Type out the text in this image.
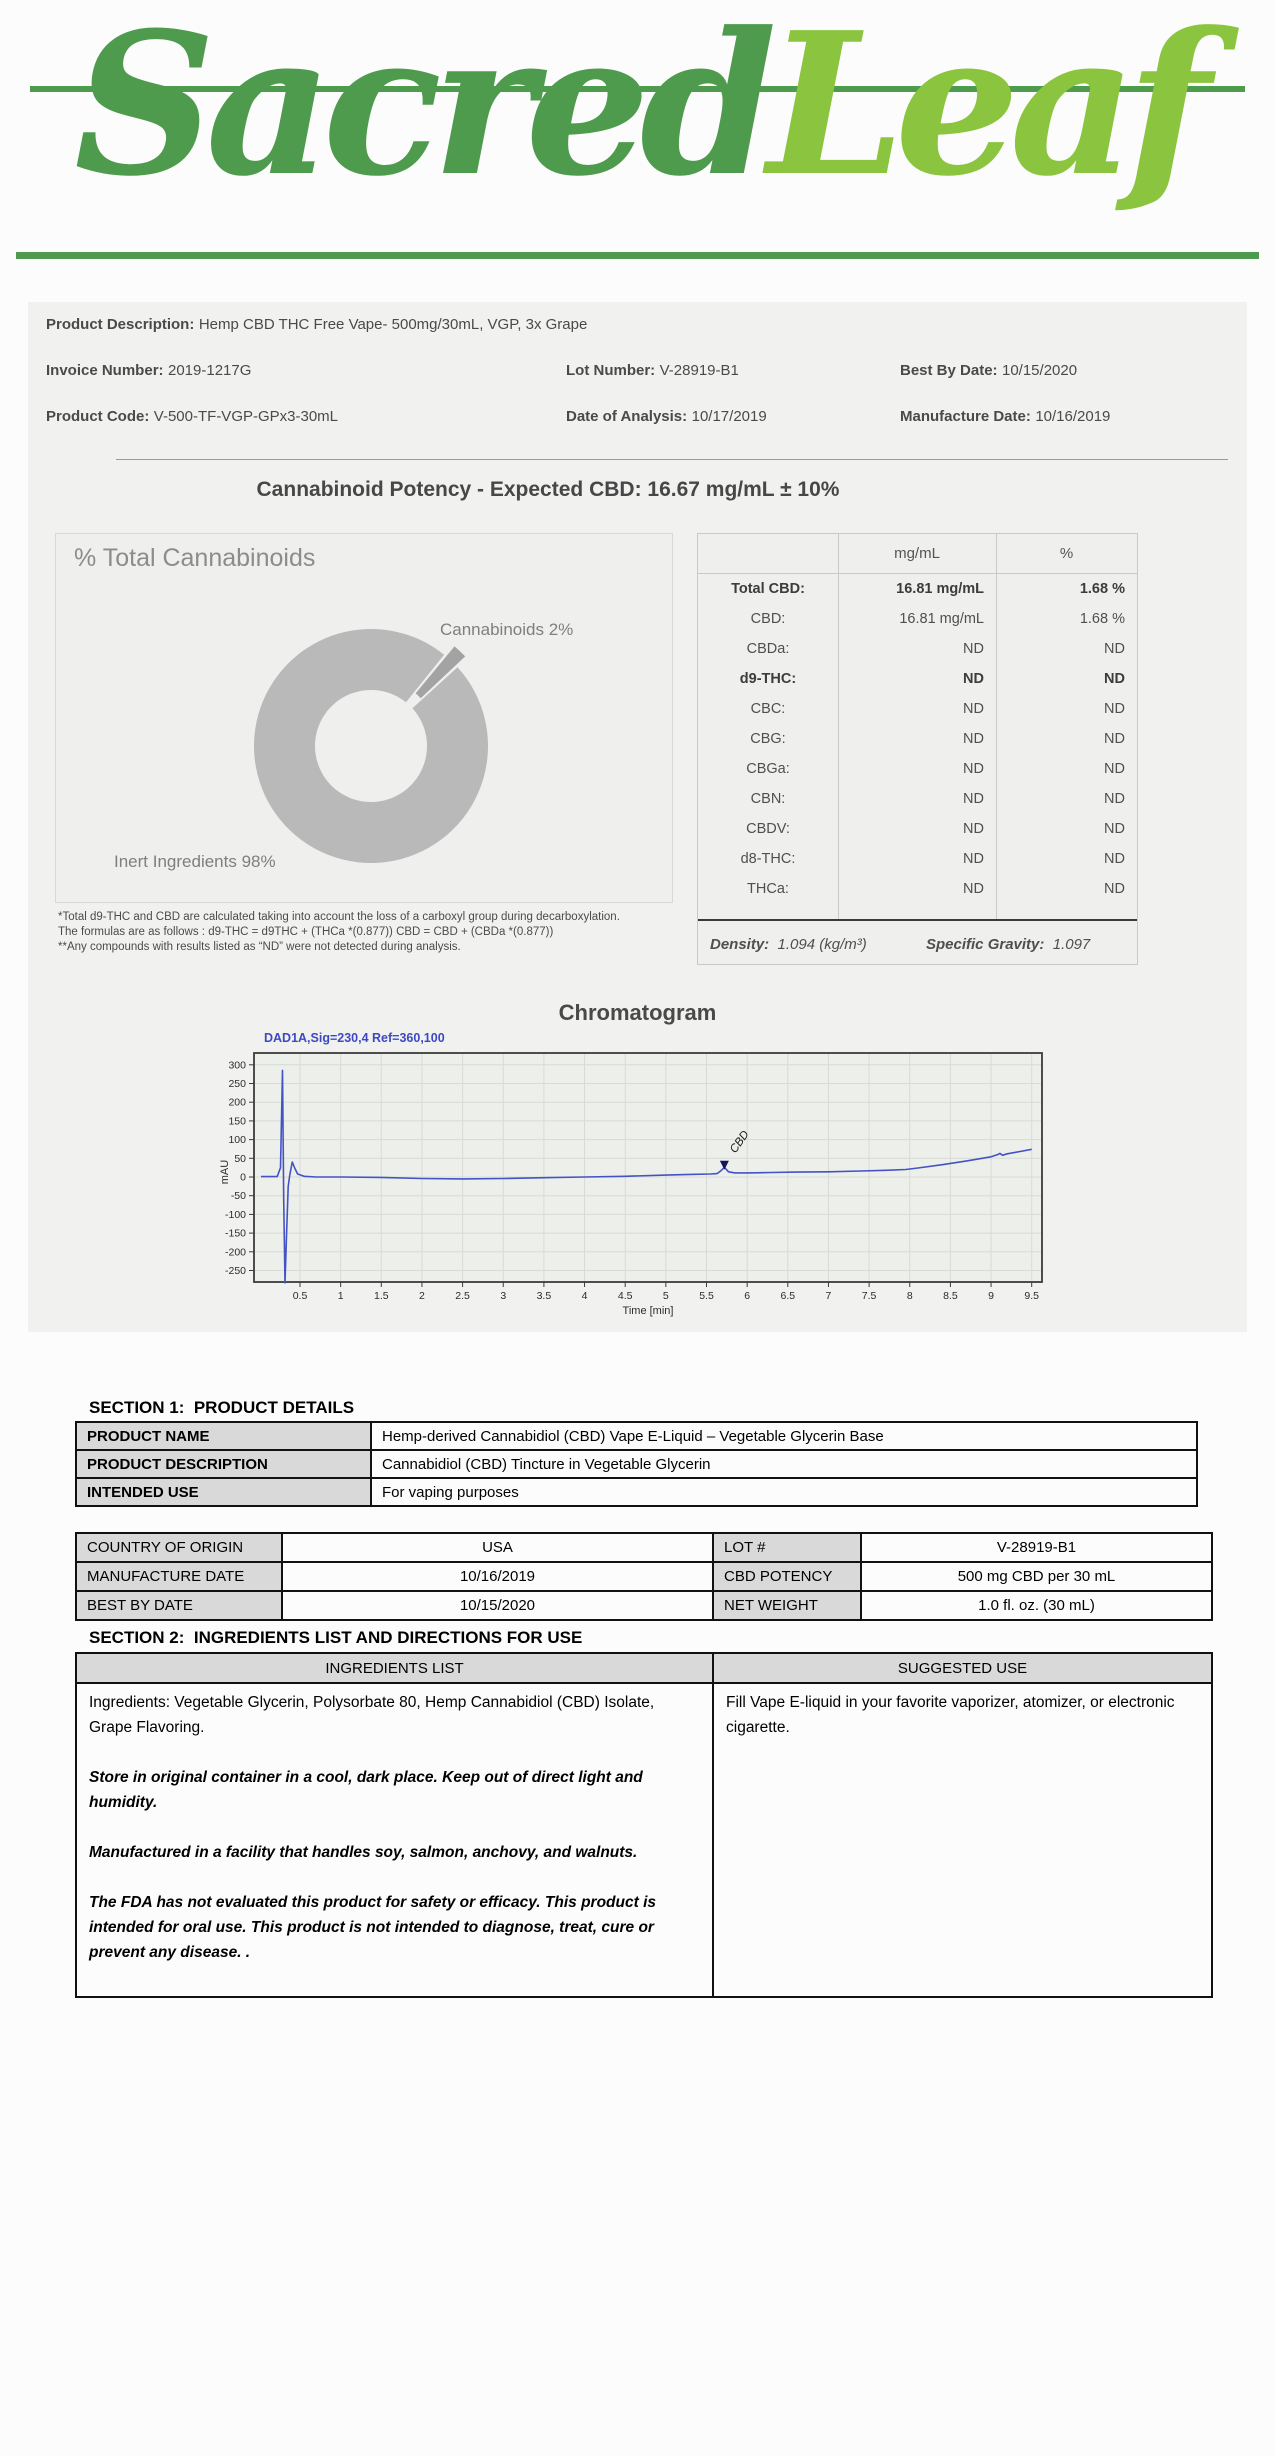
SacredLeaf
Product Description: Hemp CBD THC Free Vape- 500mg/30mL, VGP, 3x Grape
Invoice Number: 2019-1217G	Lot Number: V-28919-B1	Best By Date: 10/15/2020
Product Code: V-500-TF-VGP-GPx3-30mL	Date of Analysis: 10/17/2019	Manufacture Date: 10/16/2019
Cannabinoid Potency - Expected CBD: 16.67 mg/mL ± 10%
% Total Cannabinoids
Cannabinoids 2%
Inert Ingredients 98%
*Total d9-THC and CBD are calculated taking into account the loss of a carboxyl group during decarboxylation.
The formulas are as follows : d9-THC = d9THC + (THCa *(0.877)) CBD = CBD + (CBDa *(0.877))
**Any compounds with results listed as “ND” were not detected during analysis.
mg/mL	%
Total CBD:	16.81 mg/mL	1.68 %
CBD:	16.81 mg/mL	1.68 %
CBDa:	ND	ND
d9-THC:	ND	ND
CBC:	ND	ND
CBG:	ND	ND
CBGa:	ND	ND
CBN:	ND	ND
CBDV:	ND	ND
d8-THC:	ND	ND
THCa:	ND	ND
Density: 1.094 (kg/m³)	Specific Gravity: 1.097
Chromatogram
DAD1A,Sig=230,4 Ref=360,100
300
250
200
150
100
50
0
-50
-100
-150
-200
-250
0.5	1	1.5	2	2.5	3	3.5	4	4.5	5	5.5	6	6.5	7	7.5	8	8.5	9	9.5
Time [min]
mAU
CBD
SECTION 1:  PRODUCT DETAILS
PRODUCT NAME	Hemp-derived Cannabidiol (CBD) Vape E-Liquid – Vegetable Glycerin Base
PRODUCT DESCRIPTION	Cannabidiol (CBD) Tincture in Vegetable Glycerin
INTENDED USE	For vaping purposes
COUNTRY OF ORIGIN	USA	LOT #	V-28919-B1
MANUFACTURE DATE	10/16/2019	CBD POTENCY	500 mg CBD per 30 mL
BEST BY DATE	10/15/2020	NET WEIGHT	1.0 fl. oz. (30 mL)
SECTION 2:  INGREDIENTS LIST AND DIRECTIONS FOR USE
INGREDIENTS LIST	SUGGESTED USE

Ingredients: Vegetable Glycerin, Polysorbate 80, Hemp Cannabidiol (CBD) Isolate, Grape Flavoring.

Store in original container in a cool, dark place. Keep out of direct light and humidity.

Manufactured in a facility that handles soy, salmon, anchovy, and walnuts.

The FDA has not evaluated this product for safety or efficacy. This product is intended for oral use. This product is not intended to diagnose, treat, cure or prevent any disease. .	Fill Vape E-liquid in your favorite vaporizer, atomizer, or electronic cigarette.
